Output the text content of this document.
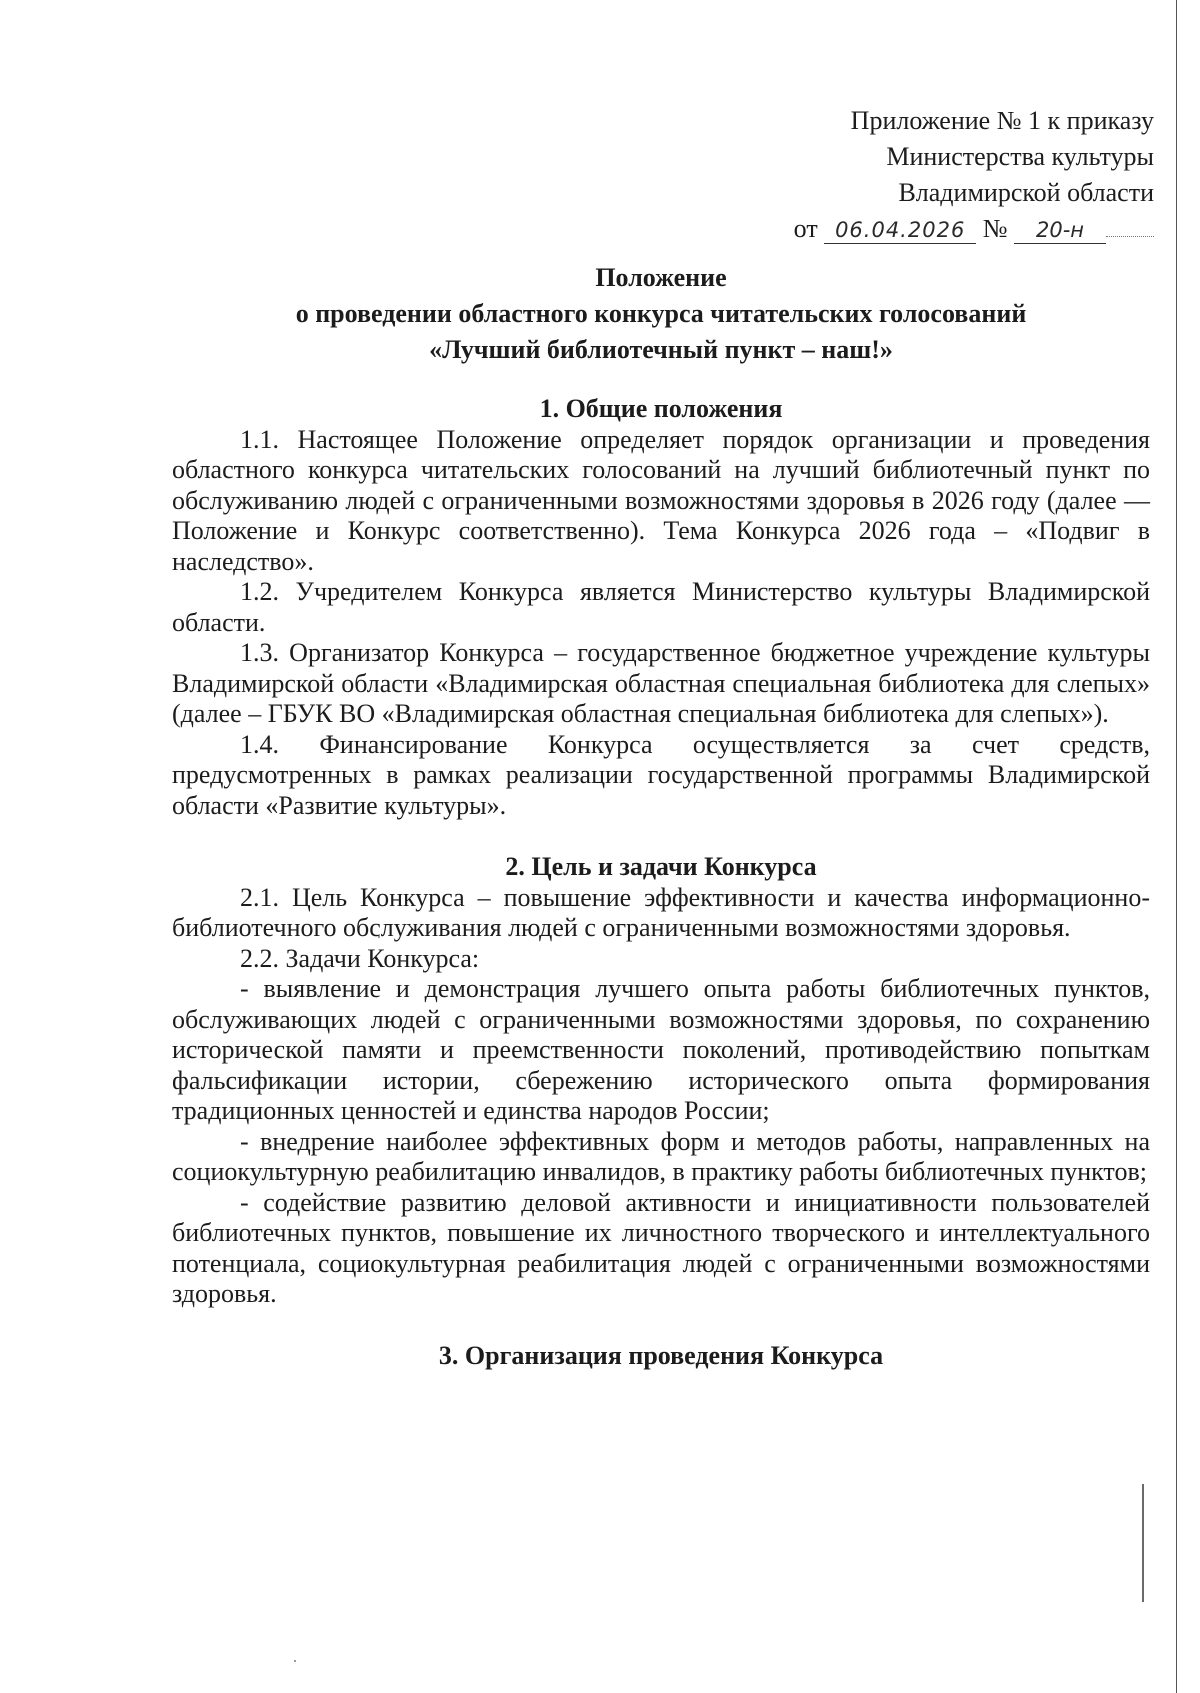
Приложение № 1 к приказу
Министерства культуры
Владимирской области
от 06.04.2026 № 20-н
Положение
о проведении областного конкурса читательских голосований
«Лучший библиотечный пункт – наш!»

1. Общие положения

1.1. Настоящее Положение определяет порядок организации и проведения областного конкурса читательских голосований на лучший библиотечный пункт по обслуживанию людей с ограниченными возможностями здоровья в 2026 году (далее — Положение и Конкурс соответственно). Тема Конкурса 2026 года – «Подвиг в наследство».

1.2. Учредителем Конкурса является Министерство культуры Владимирской области.

1.3. Организатор Конкурса – государственное бюджетное учреждение культуры Владимирской области «Владимирская областная специальная библиотека для слепых» (далее – ГБУК ВО «Владимирская областная специальная библиотека для слепых»).

1.4. Финансирование Конкурса осуществляется за счет средств, предусмотренных в рамках реализации государственной программы Владимирской области «Развитие культуры».

2. Цель и задачи Конкурса

2.1. Цель Конкурса – повышение эффективности и качества информационно-библиотечного обслуживания людей с ограниченными возможностями здоровья.

2.2. Задачи Конкурса:

- выявление и демонстрация лучшего опыта работы библиотечных пунктов, обслуживающих людей с ограниченными возможностями здоровья, по сохранению исторической памяти и преемственности поколений, противодействию попыткам фальсификации истории, сбережению исторического опыта формирования традиционных ценностей и единства народов России;

- внедрение наиболее эффективных форм и методов работы, направленных на социокультурную реабилитацию инвалидов, в практику работы библиотечных пунктов;

- содействие развитию деловой активности и инициативности пользователей библиотечных пунктов, повышение их личностного творческого и интеллектуального потенциала, социокультурная реабилитация людей с ограниченными возможностями здоровья.

3. Организация проведения Конкурса
